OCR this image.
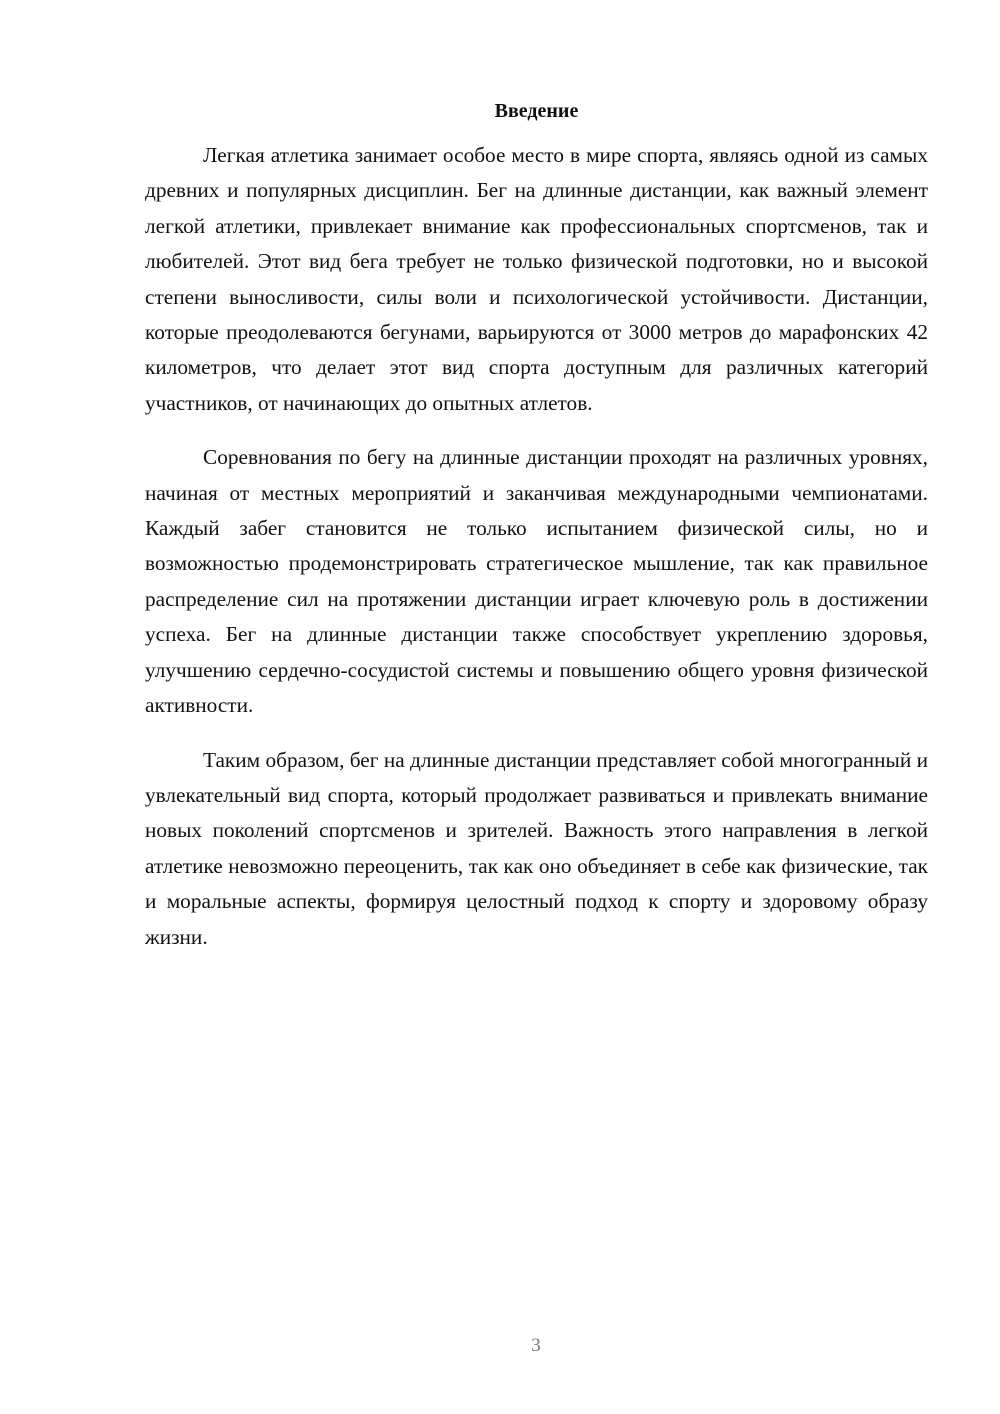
Введение

Легкая атлетика занимает особое место в мире спорта, являясь одной из самых древних и популярных дисциплин. Бег на длинные дистанции, как важный элемент легкой атлетики, привлекает внимание как профессиональных спортсменов, так и любителей. Этот вид бега требует не только физической подготовки, но и высокой степени выносливости, силы воли и психологической устойчивости. Дистанции, которые преодолеваются бегунами, варьируются от 3000 метров до марафонских 42 километров, что делает этот вид спорта доступным для различных категорий участников, от начинающих до опытных атлетов.

Соревнования по бегу на длинные дистанции проходят на различных уровнях, начиная от местных мероприятий и заканчивая международными чемпионатами. Каждый забег становится не только испытанием физической силы, но и возможностью продемонстрировать стратегическое мышление, так как правильное распределение сил на протяжении дистанции играет ключевую роль в достижении успеха. Бег на длинные дистанции также способствует укреплению здоровья, улучшению сердечно-сосудистой системы и повышению общего уровня физической активности.

Таким образом, бег на длинные дистанции представляет собой многогранный и увлекательный вид спорта, который продолжает развиваться и привлекать внимание новых поколений спортсменов и зрителей. Важность этого направления в легкой атлетике невозможно переоценить, так как оно объединяет в себе как физические, так и моральные аспекты, формируя целостный подход к спорту и здоровому образу жизни.

3
